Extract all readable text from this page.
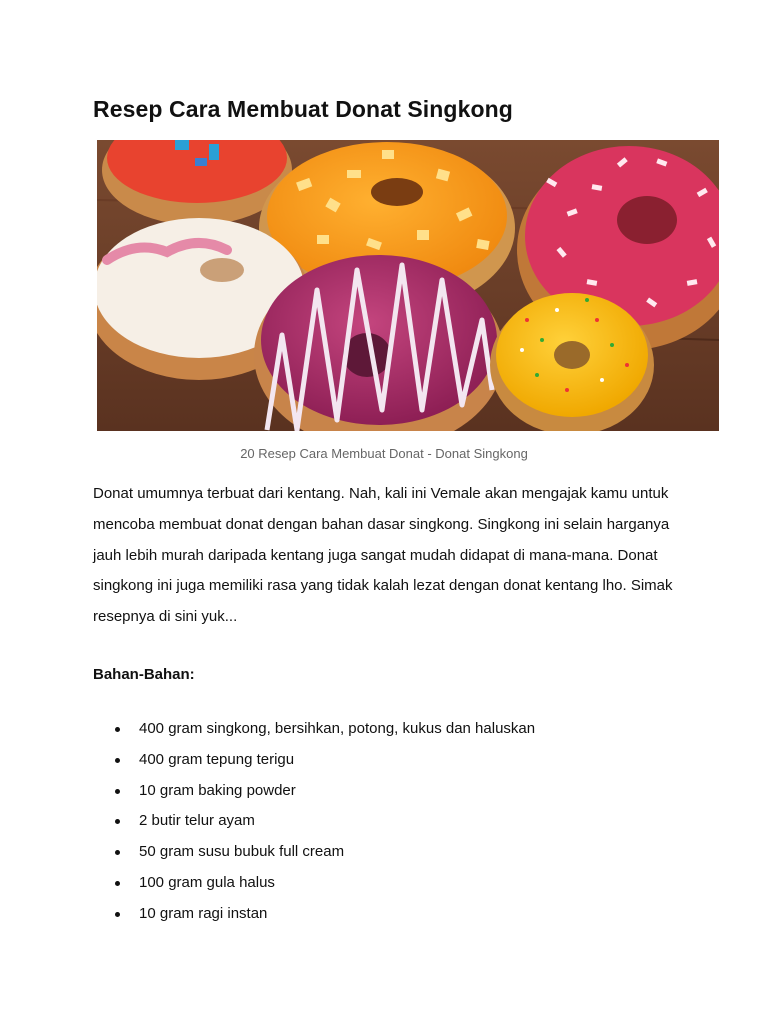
Resep Cara Membuat Donat Singkong
20 Resep Cara Membuat Donat - Donat Singkong

Donat umumnya terbuat dari kentang. Nah, kali ini Vemale akan mengajak kamu untuk mencoba membuat donat dengan bahan dasar singkong. Singkong ini selain harganya jauh lebih murah daripada kentang juga sangat mudah didapat di mana-mana. Donat singkong ini juga memiliki rasa yang tidak kalah lezat dengan donat kentang lho. Simak resepnya di sini yuk...

Bahan-Bahan:
400 gram singkong, bersihkan, potong, kukus dan haluskan
400 gram tepung terigu
10 gram baking powder
2 butir telur ayam
50 gram susu bubuk full cream
100 gram gula halus
10 gram ragi instan
